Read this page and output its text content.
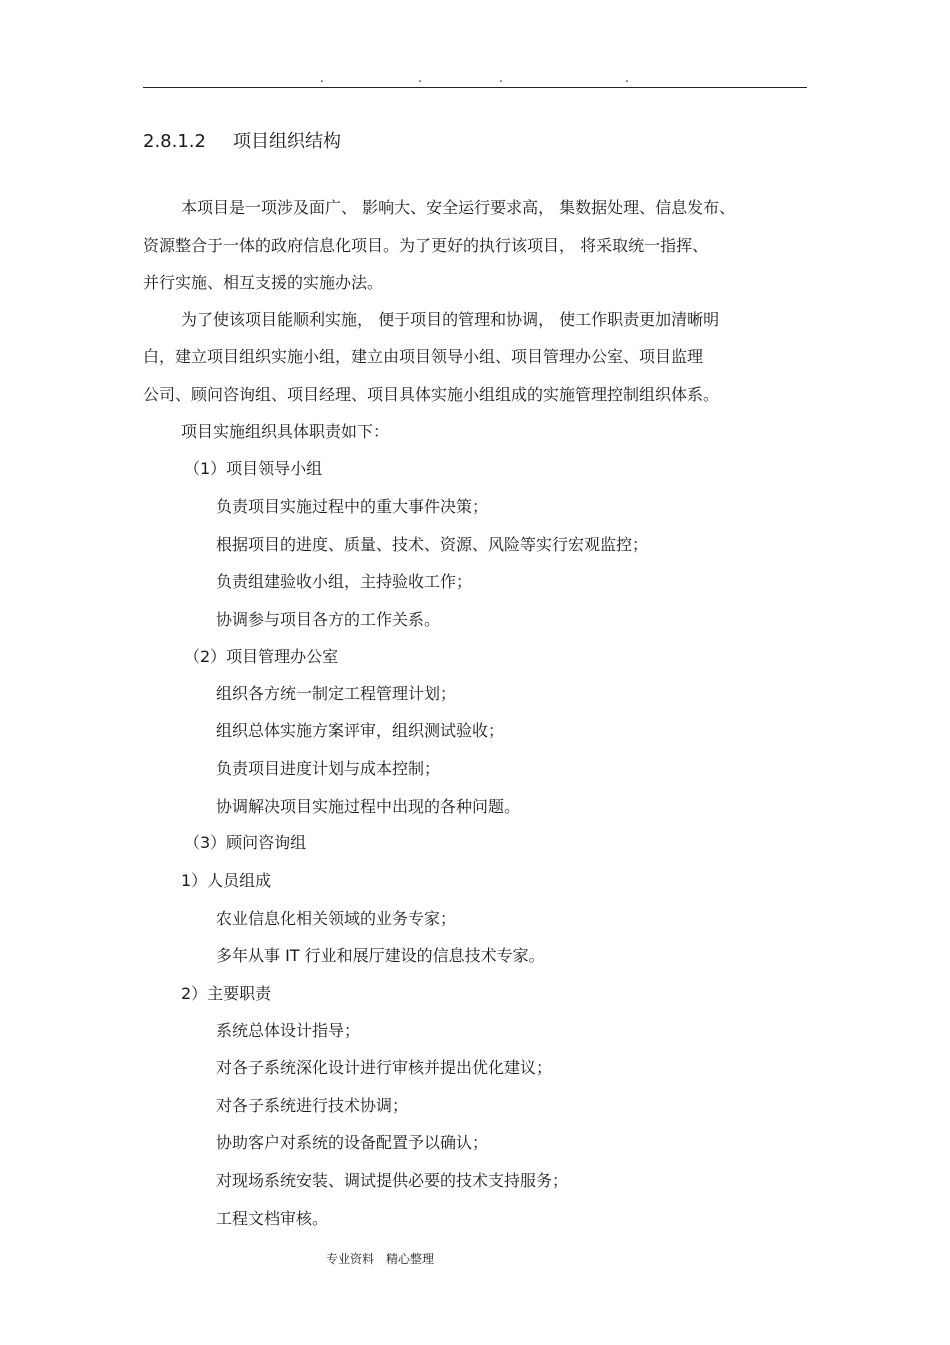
.	.	.	.
2.8.1.2 项目组织结构
本项目是一项涉及面广、 影响大、安全运行要求高， 集数据处理、信息发布、
资源整合于一体的政府信息化项目。为了更好的执行该项目， 将采取统一指挥、
并行实施、相互支援的实施办法。
为了使该项目能顺利实施， 便于项目的管理和协调， 使工作职责更加清晰明
白，建立项目组织实施小组，建立由项目领导小组、项目管理办公室、项目监理
公司、顾问咨询组、项目经理、项目具体实施小组组成的实施管理控制组织体系。
项目实施组织具体职责如下：
（1）项目领导小组
负责项目实施过程中的重大事件决策；
根据项目的进度、质量、技术、资源、风险等实行宏观监控；
负责组建验收小组，主持验收工作；
协调参与项目各方的工作关系。
（2）项目管理办公室
组织各方统一制定工程管理计划；
组织总体实施方案评审，组织测试验收；
负责项目进度计划与成本控制；
协调解决项目实施过程中出现的各种问题。
（3）顾问咨询组
1）人员组成
农业信息化相关领域的业务专家；
多年从事 IT 行业和展厅建设的信息技术专家。
2）主要职责
系统总体设计指导；
对各子系统深化设计进行审核并提出优化建议；
对各子系统进行技术协调；
协助客户对系统的设备配置予以确认；
对现场系统安装、调试提供必要的技术支持服务；
工程文档审核。
专业资料 精心整理
